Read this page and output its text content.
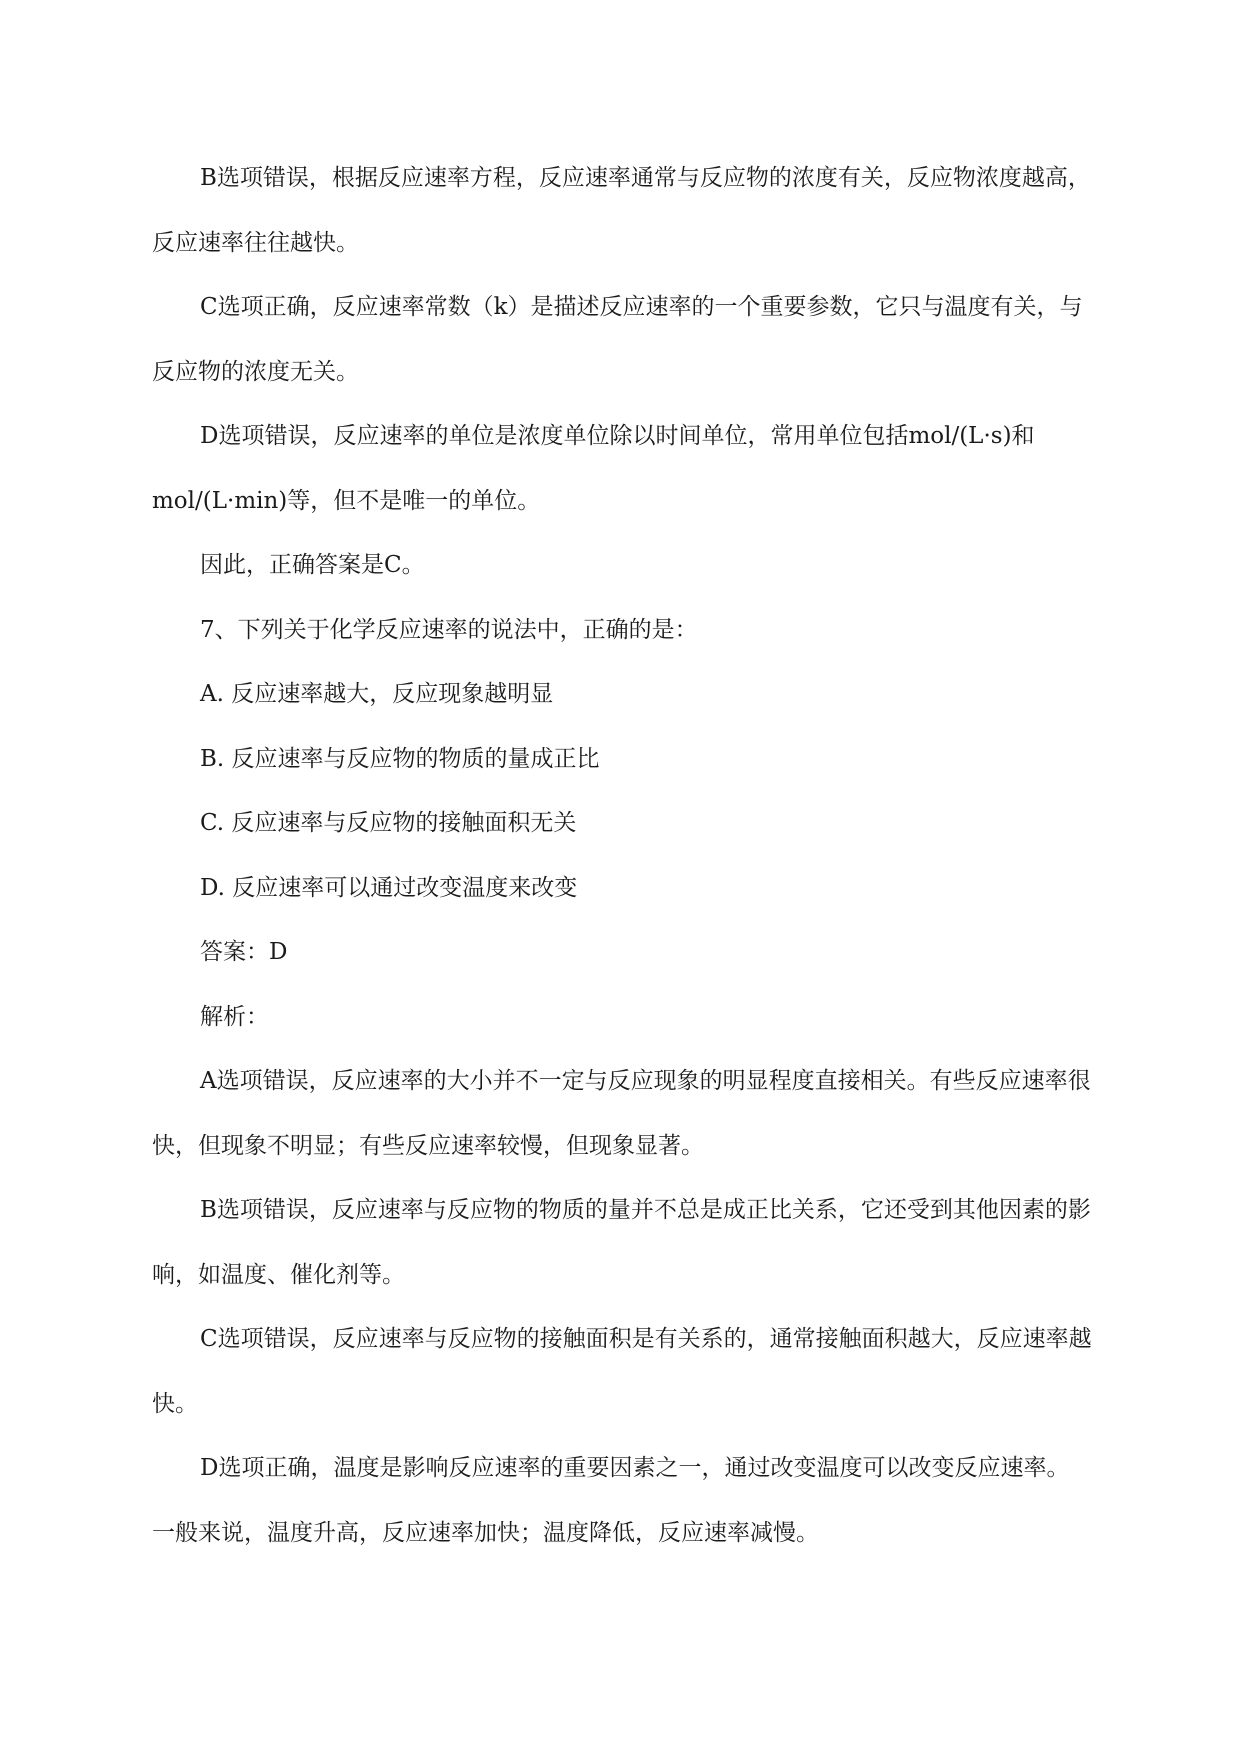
B选项错误，根据反应速率方程，反应速率通常与反应物的浓度有关，反应物浓度越高，反应速率往往越快。

C选项正确，反应速率常数（k）是描述反应速率的一个重要参数，它只与温度有关，与反应物的浓度无关。

D选项错误，反应速率的单位是浓度单位除以时间单位，常用单位包括mol/(L·s)和mol/(L·min)等，但不是唯一的单位。

因此，正确答案是C。

7、下列关于化学反应速率的说法中，正确的是：

A. 反应速率越大，反应现象越明显

B. 反应速率与反应物的物质的量成正比

C. 反应速率与反应物的接触面积无关

D. 反应速率可以通过改变温度来改变

答案：D

解析：

A选项错误，反应速率的大小并不一定与反应现象的明显程度直接相关。有些反应速率很快，但现象不明显；有些反应速率较慢，但现象显著。

B选项错误，反应速率与反应物的物质的量并不总是成正比关系，它还受到其他因素的影响，如温度、催化剂等。

C选项错误，反应速率与反应物的接触面积是有关系的，通常接触面积越大，反应速率越快。

D选项正确，温度是影响反应速率的重要因素之一，通过改变温度可以改变反应速率。一般来说，温度升高，反应速率加快；温度降低，反应速率减慢。
